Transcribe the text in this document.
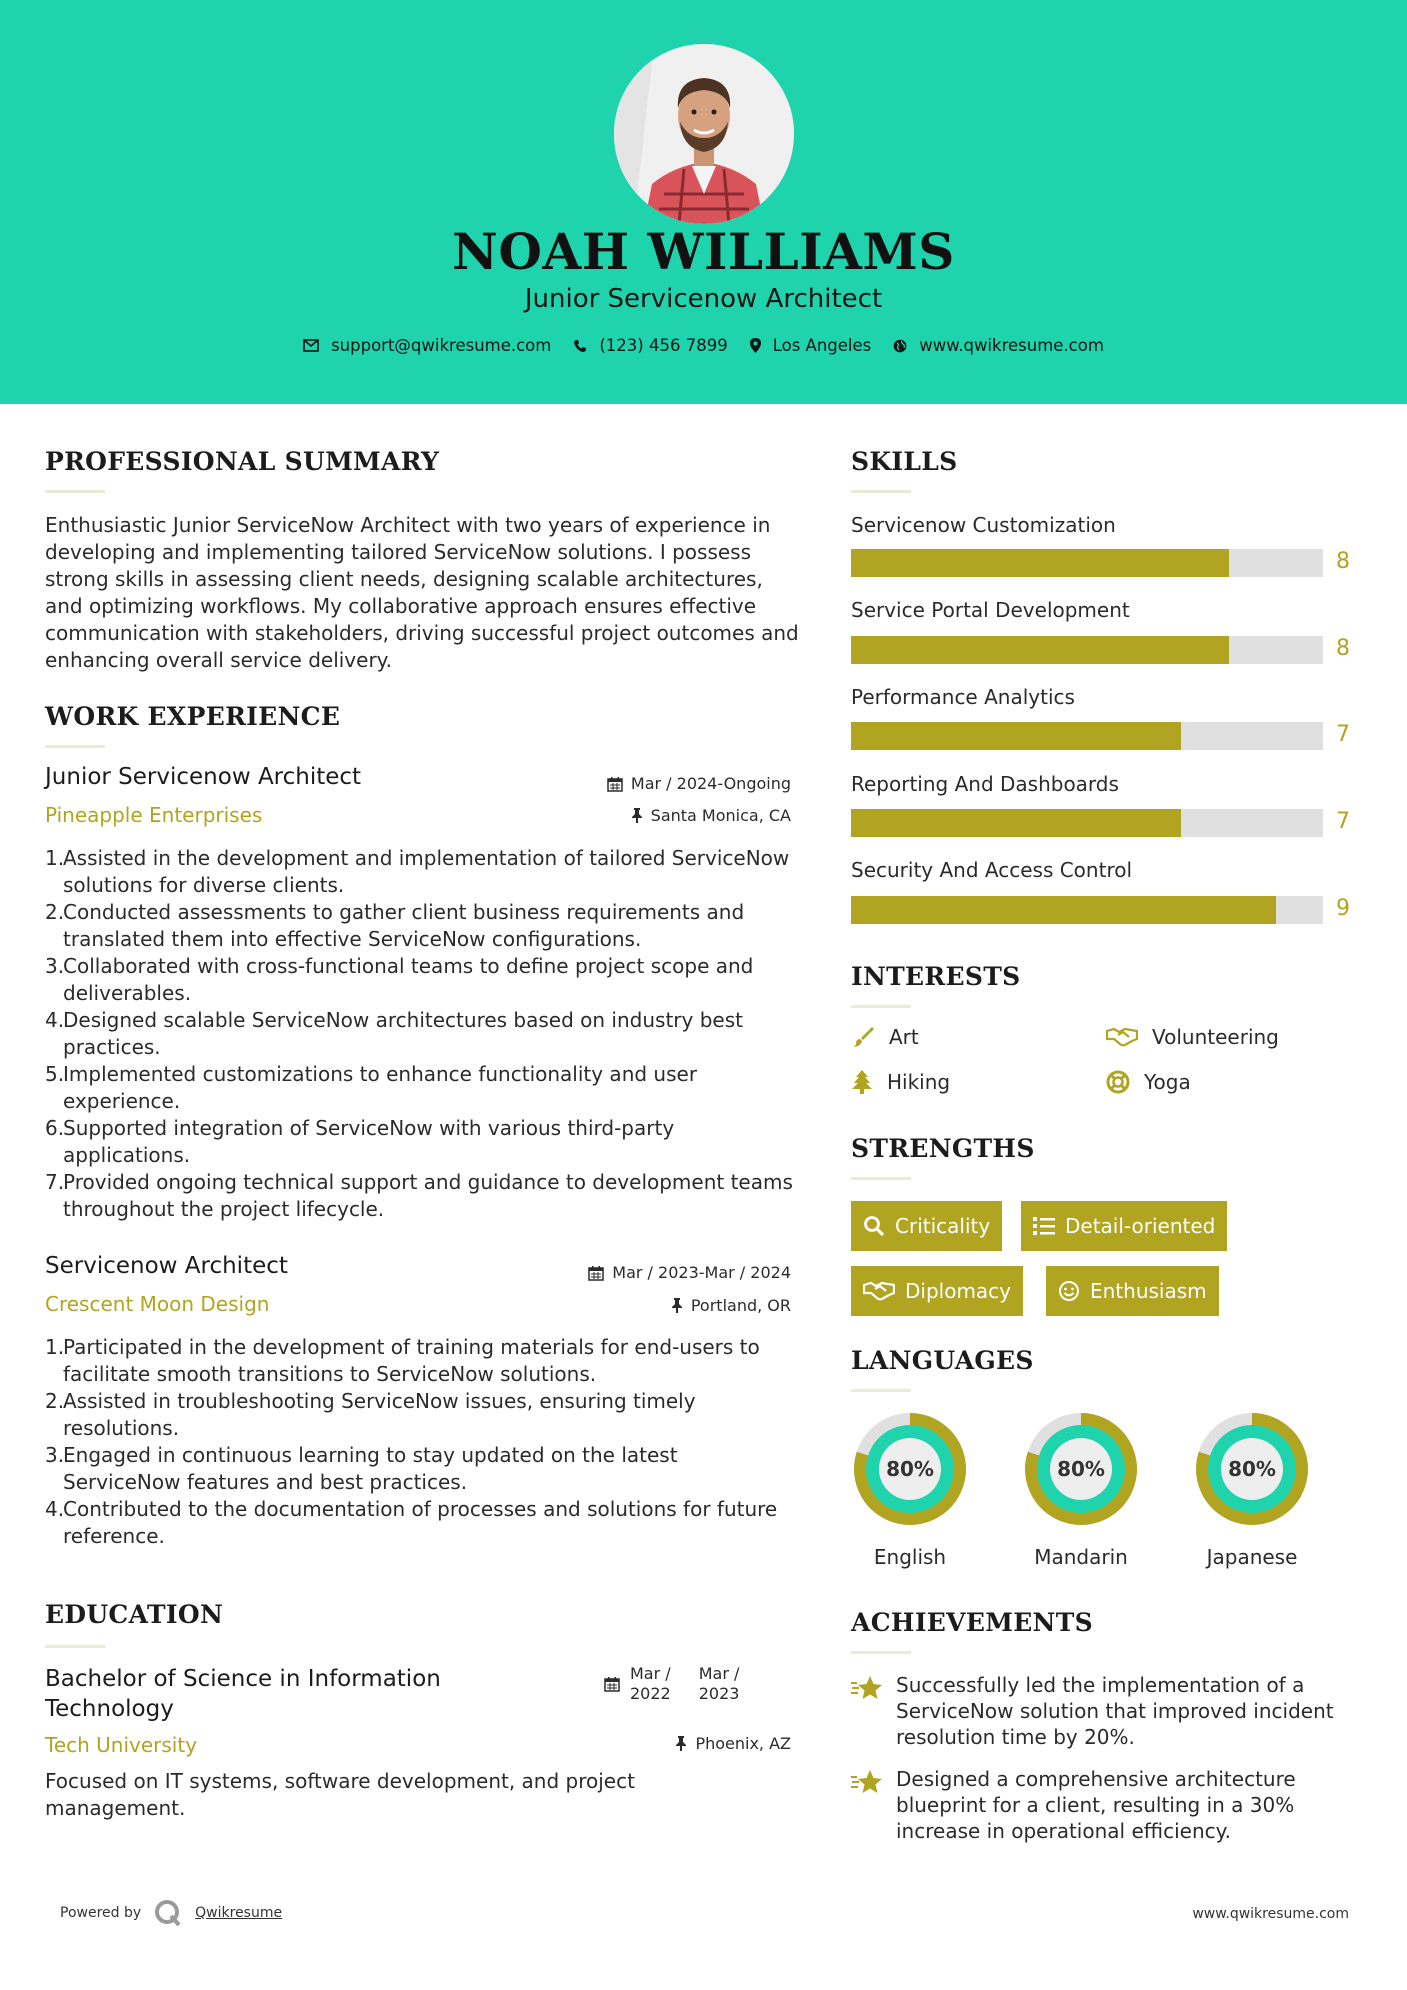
NOAH WILLIAMS
Junior Servicenow Architect
support@qwikresume.com	(123) 456 7899	Los Angeles	www.qwikresume.com
PROFESSIONAL SUMMARY
Enthusiastic Junior ServiceNow Architect with two years of experience in developing and implementing tailored ServiceNow solutions. I possess strong skills in assessing client needs, designing scalable architectures, and optimizing workflows. My collaborative approach ensures effective communication with stakeholders, driving successful project outcomes and enhancing overall service delivery.
WORK EXPERIENCE
Junior Servicenow Architect
Pineapple Enterprises
Mar / 2024-Ongoing
Santa Monica, CA
1.
Assisted in the development and implementation of tailored ServiceNow solutions for diverse clients.
2.
Conducted assessments to gather client business requirements and translated them into effective ServiceNow configurations.
3.
Collaborated with cross-functional teams to define project scope and deliverables.
4.
Designed scalable ServiceNow architectures based on industry best practices.
5.
Implemented customizations to enhance functionality and user experience.
6.
Supported integration of ServiceNow with various third-party applications.
7.
Provided ongoing technical support and guidance to development teams throughout the project lifecycle.
Servicenow Architect
Crescent Moon Design
Mar / 2023-Mar / 2024
Portland, OR
1.
Participated in the development of training materials for end-users to facilitate smooth transitions to ServiceNow solutions.
2.
Assisted in troubleshooting ServiceNow issues, ensuring timely resolutions.
3.
Engaged in continuous learning to stay updated on the latest ServiceNow features and best practices.
4.
Contributed to the documentation of processes and solutions for future reference.
EDUCATION
Bachelor of Science in Information Technology
Mar /
2022
Mar /
2023
Tech University	Phoenix, AZ
Focused on IT systems, software development, and project management.
SKILLS
Servicenow Customization
8
Service Portal Development
8
Performance Analytics
7
Reporting And Dashboards
7
Security And Access Control
9
INTERESTS
Art	Volunteering
Hiking	Yoga
STRENGTHS
Criticality	Detail-oriented
Diplomacy	Enthusiasm
LANGUAGES
80%
English
80%
Mandarin
80%
Japanese
ACHIEVEMENTS
Successfully led the implementation of a ServiceNow solution that improved incident resolution time by 20%.
Designed a comprehensive architecture blueprint for a client, resulting in a 30% increase in operational efficiency.
Powered by	Qwikresume	www.qwikresume.com
